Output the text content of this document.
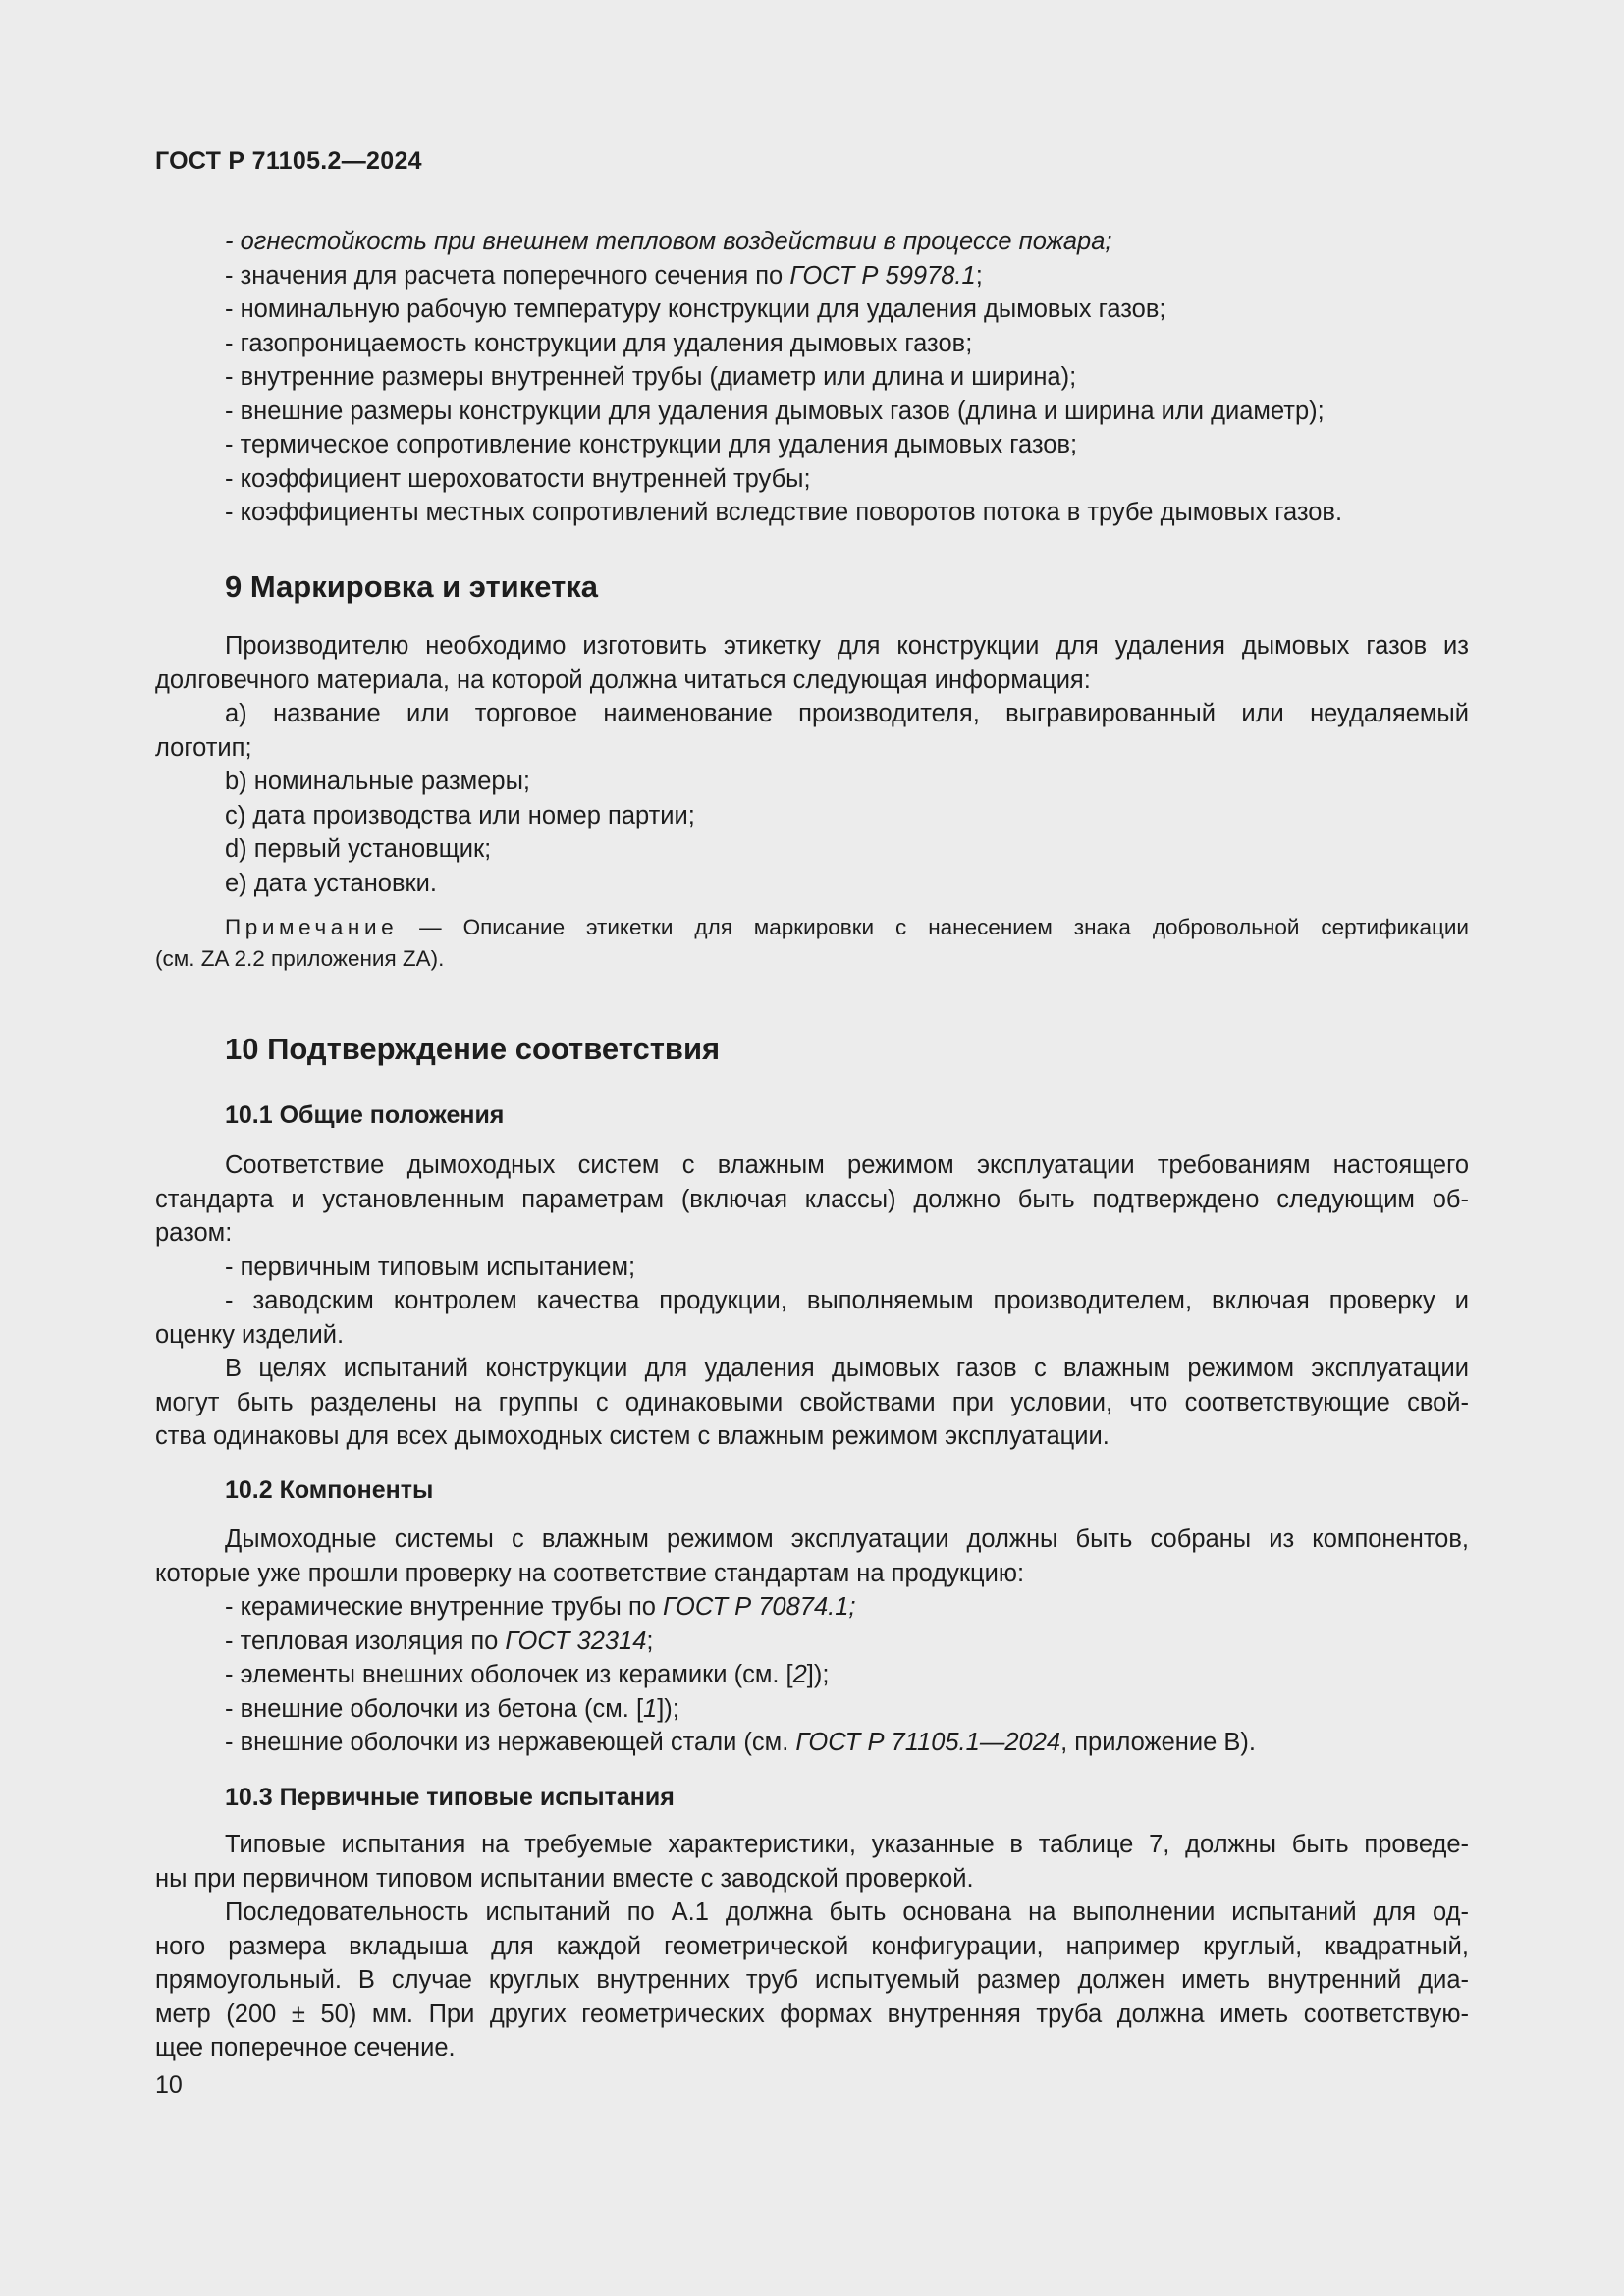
ГОСТ Р 71105.2—2024
- огнестойкость при внешнем тепловом воздействии в процессе пожара;
- значения для расчета поперечного сечения по ГОСТ Р 59978.1;
- номинальную рабочую температуру конструкции для удаления дымовых газов;
- газопроницаемость конструкции для удаления дымовых газов;
- внутренние размеры внутренней трубы (диаметр или длина и ширина);
- внешние размеры конструкции для удаления дымовых газов (длина и ширина или диаметр);
- термическое сопротивление конструкции для удаления дымовых газов;
- коэффициент шероховатости внутренней трубы;
- коэффициенты местных сопротивлений вследствие поворотов потока в трубе дымовых газов.
9 Маркировка и этикетка
Производителю необходимо изготовить этикетку для конструкции для удаления дымовых газов из
долговечного материала, на которой должна читаться следующая информация:
a) название или торговое наименование производителя, выгравированный или неудаляемый
логотип;
b) номинальные размеры;
c) дата производства или номер партии;
d) первый установщик;
e) дата установки.
Примечание — Описание этикетки для маркировки с нанесением знака добровольной сертификации
(см. ZA 2.2 приложения ZA).
10 Подтверждение соответствия
10.1 Общие положения
Соответствие дымоходных систем с влажным режимом эксплуатации требованиям настоящего
стандарта и установленным параметрам (включая классы) должно быть подтверждено следующим об-
разом:
- первичным типовым испытанием;
- заводским контролем качества продукции, выполняемым производителем, включая проверку и
оценку изделий.
В целях испытаний конструкции для удаления дымовых газов с влажным режимом эксплуатации
могут быть разделены на группы с одинаковыми свойствами при условии, что соответствующие свой-
ства одинаковы для всех дымоходных систем с влажным режимом эксплуатации.
10.2 Компоненты
Дымоходные системы с влажным режимом эксплуатации должны быть собраны из компонентов,
которые уже прошли проверку на соответствие стандартам на продукцию:
- керамические внутренние трубы по ГОСТ Р 70874.1;
- тепловая изоляция по ГОСТ 32314;
- элементы внешних оболочек из керамики (см. [2]);
- внешние оболочки из бетона (см. [1]);
- внешние оболочки из нержавеющей стали (см. ГОСТ Р 71105.1—2024, приложение В).
10.3 Первичные типовые испытания
Типовые испытания на требуемые характеристики, указанные в таблице 7, должны быть проведе-
ны при первичном типовом испытании вместе с заводской проверкой.
Последовательность испытаний по А.1 должна быть основана на выполнении испытаний для од-
ного размера вкладыша для каждой геометрической конфигурации, например круглый, квадратный,
прямоугольный. В случае круглых внутренних труб испытуемый размер должен иметь внутренний диа-
метр (200 ± 50) мм. При других геометрических формах внутренняя труба должна иметь соответствую-
щее поперечное сечение.
10
